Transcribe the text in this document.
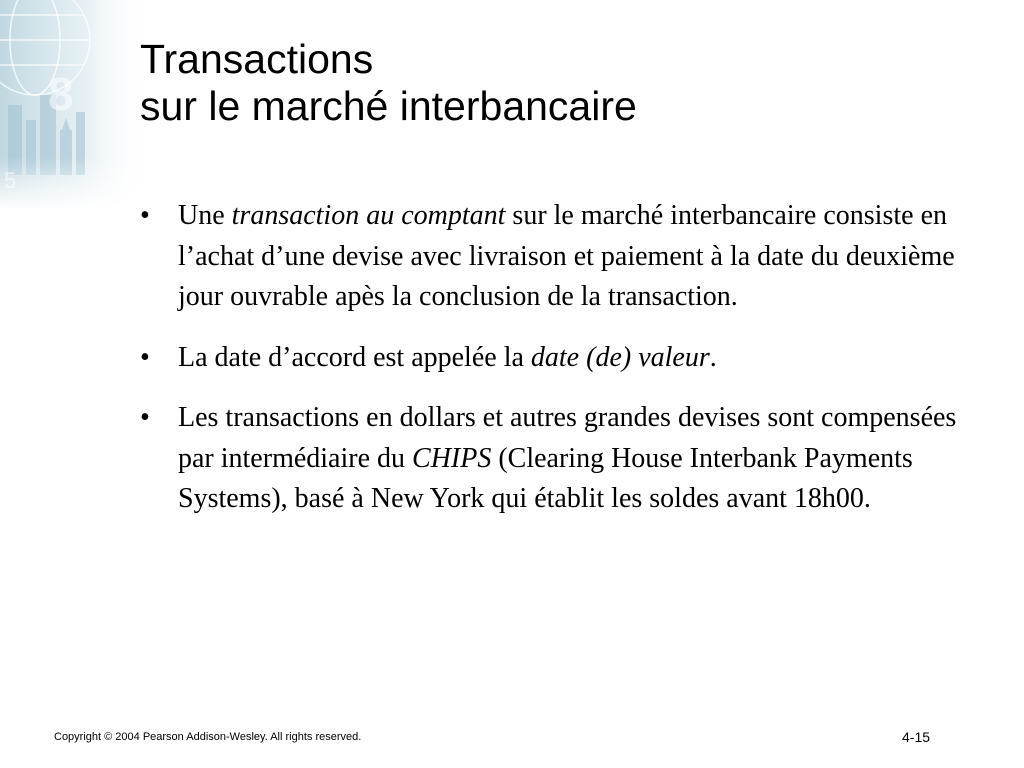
Transactions
sur le marché interbancaire
• Une transaction au comptant sur le marché interbancaire consiste en l’achat d’une devise avec livraison et paiement à la date du deuxième jour ouvrable apès la conclusion de la transaction.
• La date d’accord est appelée la date (de) valeur.
• Les transactions en dollars et autres grandes devises sont compensées par intermédiaire du CHIPS (Clearing House Interbank Payments Systems), basé à New York qui établit les soldes avant 18h00.
Copyright © 2004 Pearson Addison-Wesley. All rights reserved.	4-15
